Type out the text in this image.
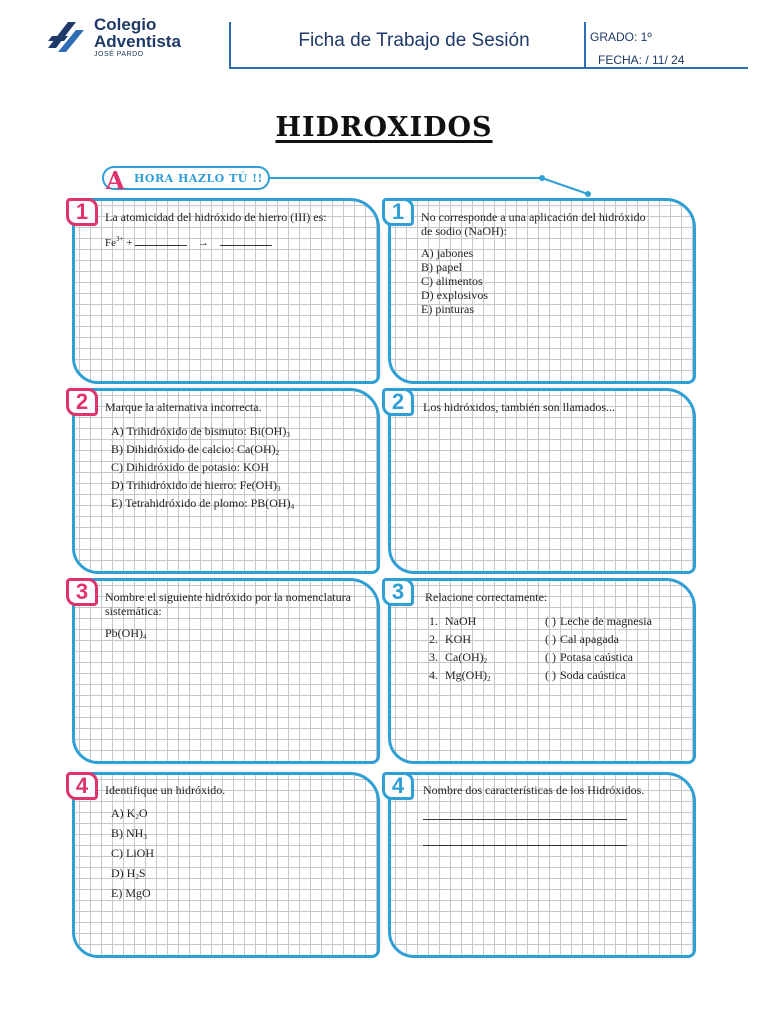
Colegio
Adventista
JOSÉ PARDO
Ficha de Trabajo de Sesión	GRADO: 1º
FECHA: / 11/ 24
HIDROXIDOS
A HORA HAZLO TÚ !!
La atomicidad del hidróxido de hierro (III) es:
$Fe^{3+}$ +	→
1	No corresponde a una aplicación del hidróxido
de sodio (NaOH):
A) jabones
B) papel
C) alimentos
D) explosivos
E) pinturas
1
Marque la alternativa incorrecta.
A) Trihidróxido de bismuto: $Bi(OH)_3$
B) Dihidróxido de calcio: $Ca(OH)_2$
C) Dihidróxido de potasio: KOH
D) Trihidróxido de hierro: $Fe(OH)_3$
E) Tetrahidróxido de plomo: $PB(OH)_4$
2	Los hidróxidos, también son llamados...
2
Nombre el siguiente hidróxido por la nomenclatura
sistemática:
$Pb(OH)_4$
3	Relacione correctamente:
1. NaOH	( ) Leche de magnesia
2. KOH	( ) Cal apagada
3. $Ca(OH)_2$	( ) Potasa caústica
4. $Mg(OH)_2$	( ) Soda caústica
3
Identifique un hidróxido.
A) $K_2O$
B) $NH_3$
C) LiOH
D) $H_2S$
E) MgO
4	Nombre dos características de los Hidróxidos.
4
